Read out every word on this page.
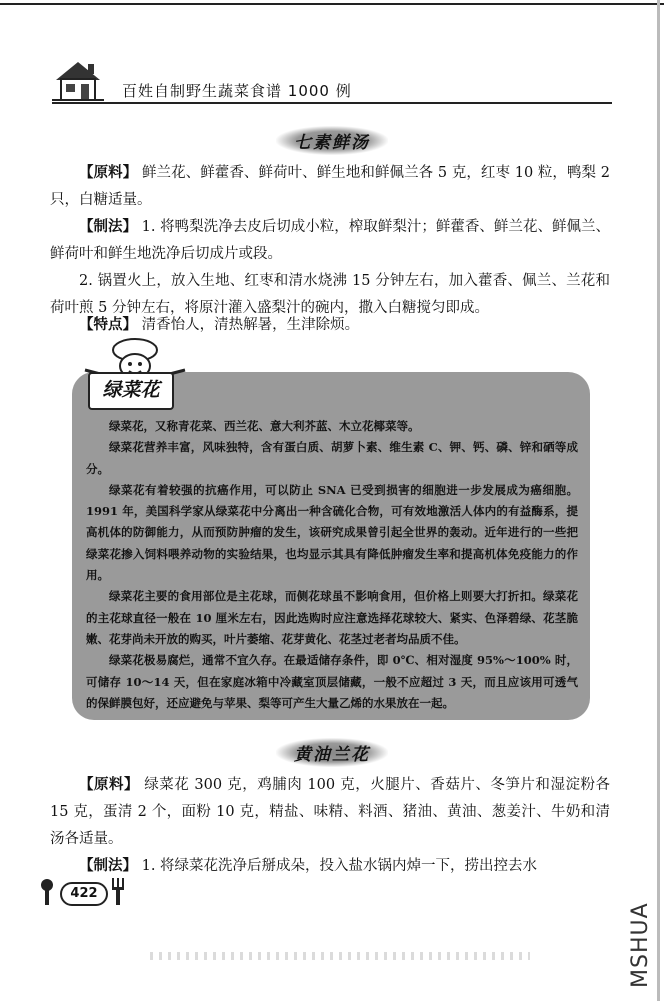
百姓自制野生蔬菜食谱 1000 例
七素鲜汤
【原料】 鲜兰花、鲜藿香、鲜荷叶、鲜生地和鲜佩兰各 5 克，红枣 10 粒，鸭梨 2 只，白糖适量。
【制法】 1. 将鸭梨洗净去皮后切成小粒，榨取鲜梨汁；鲜藿香、鲜兰花、鲜佩兰、鲜荷叶和鲜生地洗净后切成片或段。
2. 锅置火上，放入生地、红枣和清水烧沸 15 分钟左右，加入藿香、佩兰、兰花和荷叶煎 5 分钟左右，将原汁灌入盛梨汁的碗内，撒入白糖搅匀即成。
【特点】 清香怡人，清热解暑，生津除烦。

绿菜花，又称青花菜、西兰花、意大利芥蓝、木立花椰菜等。

绿菜花营养丰富，风味独特，含有蛋白质、胡萝卜素、维生素 C、钾、钙、磷、锌和硒等成分。

绿菜花有着较强的抗癌作用，可以防止 SNA 已受到损害的细胞进一步发展成为癌细胞。1991 年，美国科学家从绿菜花中分离出一种含硫化合物，可有效地激活人体内的有益酶系，提高机体的防御能力，从而预防肿瘤的发生，该研究成果曾引起全世界的轰动。近年进行的一些把绿菜花掺入饲料喂养动物的实验结果，也均显示其具有降低肿瘤发生率和提高机体免疫能力的作用。

绿菜花主要的食用部位是主花球，而侧花球虽不影响食用，但价格上则要大打折扣。绿菜花的主花球直径一般在 10 厘米左右，因此选购时应注意选择花球较大、紧实、色泽碧绿、花茎脆嫩、花芽尚未开放的购买，叶片萎缩、花芽黄化、花茎过老者均品质不佳。

绿菜花极易腐烂，通常不宜久存。在最适储存条件，即 0℃、相对湿度 95%～100% 时，可储存 10～14 天，但在家庭冰箱中冷藏室顶层储藏，一般不应超过 3 天，而且应该用可透气的保鲜膜包好，还应避免与苹果、梨等可产生大量乙烯的水果放在一起。

绿菜花
黄油兰花
【原料】 绿菜花 300 克，鸡脯肉 100 克，火腿片、香菇片、冬笋片和湿淀粉各 15 克，蛋清 2 个，面粉 10 克，精盐、味精、料酒、猪油、黄油、葱姜汁、牛奶和清汤各适量。
【制法】 1. 将绿菜花洗净后掰成朵，投入盐水锅内焯一下，捞出控去水
422
MSHUA
